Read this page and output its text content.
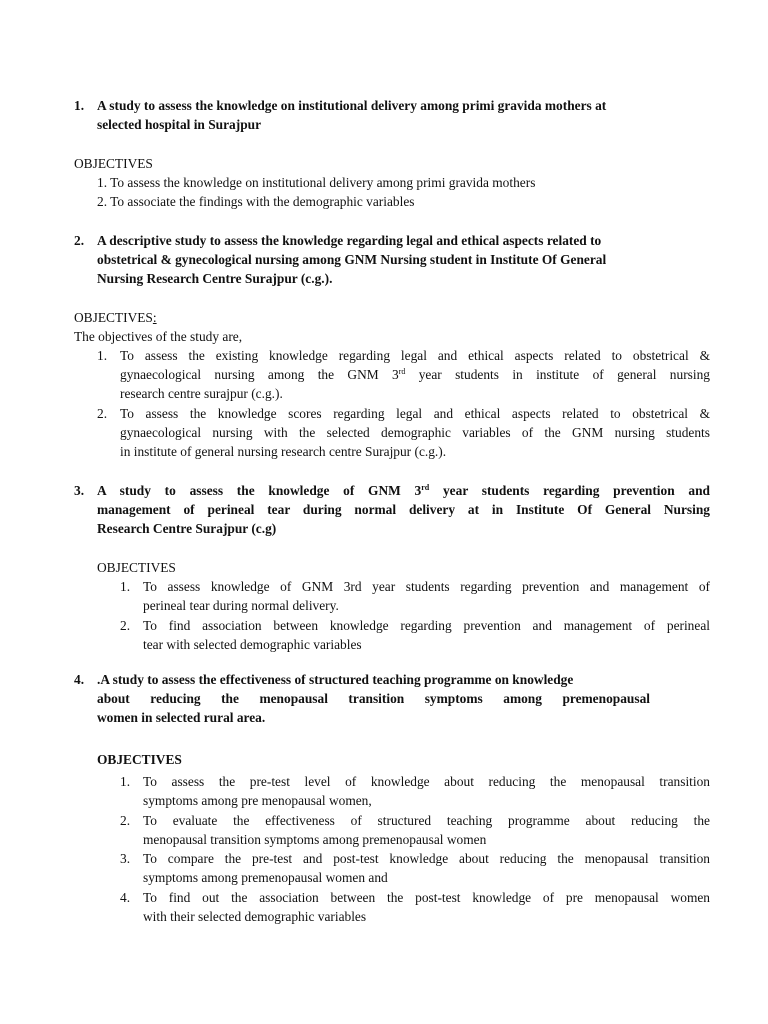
1. A study to assess the knowledge on institutional delivery among primi gravida mothers at
selected hospital in Surajpur
OBJECTIVES
1. To assess the knowledge on institutional delivery among primi gravida mothers
2. To associate the findings with the demographic variables
2. A descriptive study to assess the knowledge regarding legal and ethical aspects related to
obstetrical & gynecological nursing among GNM Nursing student in Institute Of General
Nursing Research Centre Surajpur (c.g.).
OBJECTIVES:
The objectives of the study are,
1. To assess the existing knowledge regarding legal and ethical aspects related to obstetrical &
gynaecological nursing among the GNM 3rd year students in institute of general nursing
research centre surajpur (c.g.).
2. To assess the knowledge scores regarding legal and ethical aspects related to obstetrical &
gynaecological nursing with the selected demographic variables of the GNM nursing students
in institute of general nursing research centre Surajpur (c.g.).
3. A study to assess the knowledge of GNM 3rd year students regarding prevention and
management of perineal tear during normal delivery at in Institute Of General Nursing
Research Centre Surajpur (c.g)
OBJECTIVES
1. To assess knowledge of GNM 3rd year students regarding prevention and management of
perineal tear during normal delivery.
2. To find association between knowledge regarding prevention and management of perineal
tear with selected demographic variables
4. .A study to assess the effectiveness of structured teaching programme on knowledge
about reducing the menopausal transition symptoms among premenopausal
women in selected rural area.
OBJECTIVES
1. To assess the pre-test level of knowledge about reducing the menopausal transition
symptoms among pre menopausal women,
2. To evaluate the effectiveness of structured teaching programme about reducing the
menopausal transition symptoms among premenopausal women
3. To compare the pre-test and post-test knowledge about reducing the menopausal transition
symptoms among premenopausal women and
4. To find out the association between the post-test knowledge of pre menopausal women
with their selected demographic variables
